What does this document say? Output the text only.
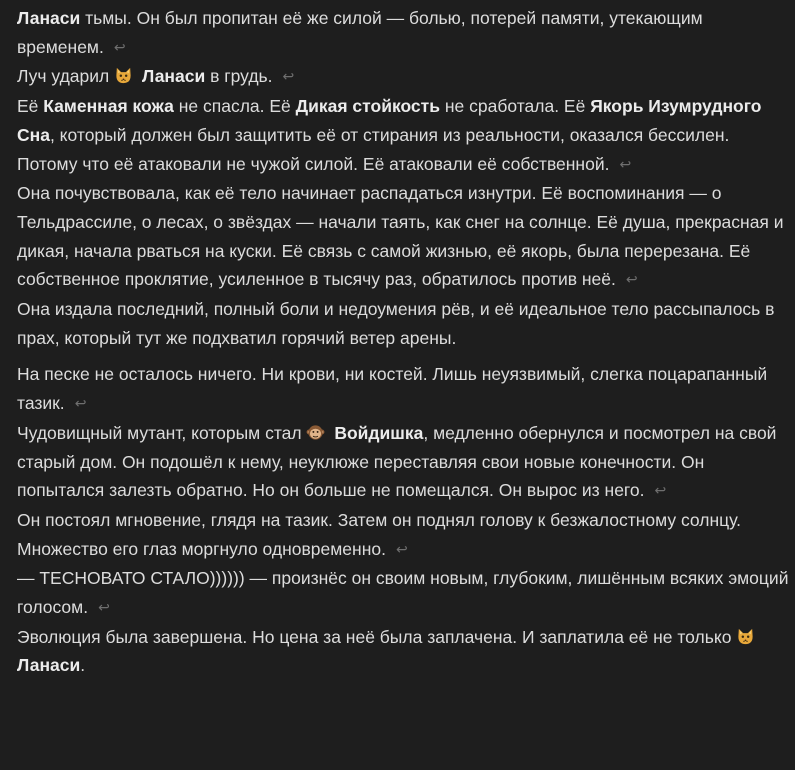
Ланаси тьмы. Он был пропитан её же силой — болью, потерей памяти, утекающим временем. ↩

Луч ударил  Ланаси в грудь. ↩

Её Каменная кожа не спасла. Её Дикая стойкость не сработала. Её Якорь Изумрудного Сна, который должен был защитить её от стирания из реальности, оказался бессилен. Потому что её атаковали не чужой силой. Её атаковали её собственной. ↩

Она почувствовала, как её тело начинает распадаться изнутри. Её воспоминания — о Тельдрассиле, о лесах, о звёздах — начали таять, как снег на солнце. Её душа, прекрасная и дикая, начала рваться на куски. Её связь с самой жизнью, её якорь, была перерезана. Её собственное проклятие, усиленное в тысячу раз, обратилось против неё. ↩

Она издала последний, полный боли и недоумения рёв, и её идеальное тело рассыпалось в прах, который тут же подхватил горячий ветер арены.

На песке не осталось ничего. Ни крови, ни костей. Лишь неуязвимый, слегка поцарапанный тазик. ↩

Чудовищный мутант, которым стал  Войдишка, медленно обернулся и посмотрел на свой старый дом. Он подошёл к нему, неуклюже переставляя свои новые конечности. Он попытался залезть обратно. Но он больше не помещался. Он вырос из него. ↩

Он постоял мгновение, глядя на тазик. Затем он поднял голову к безжалостному солнцу. Множество его глаз моргнуло одновременно. ↩

— ТЕСНОВАТО СТАЛО)))))) — произнёс он своим новым, глубоким, лишённым всяких эмоций голосом. ↩

Эволюция была завершена. Но цена за неё была заплачена. И заплатила её не только  Ланаси.
